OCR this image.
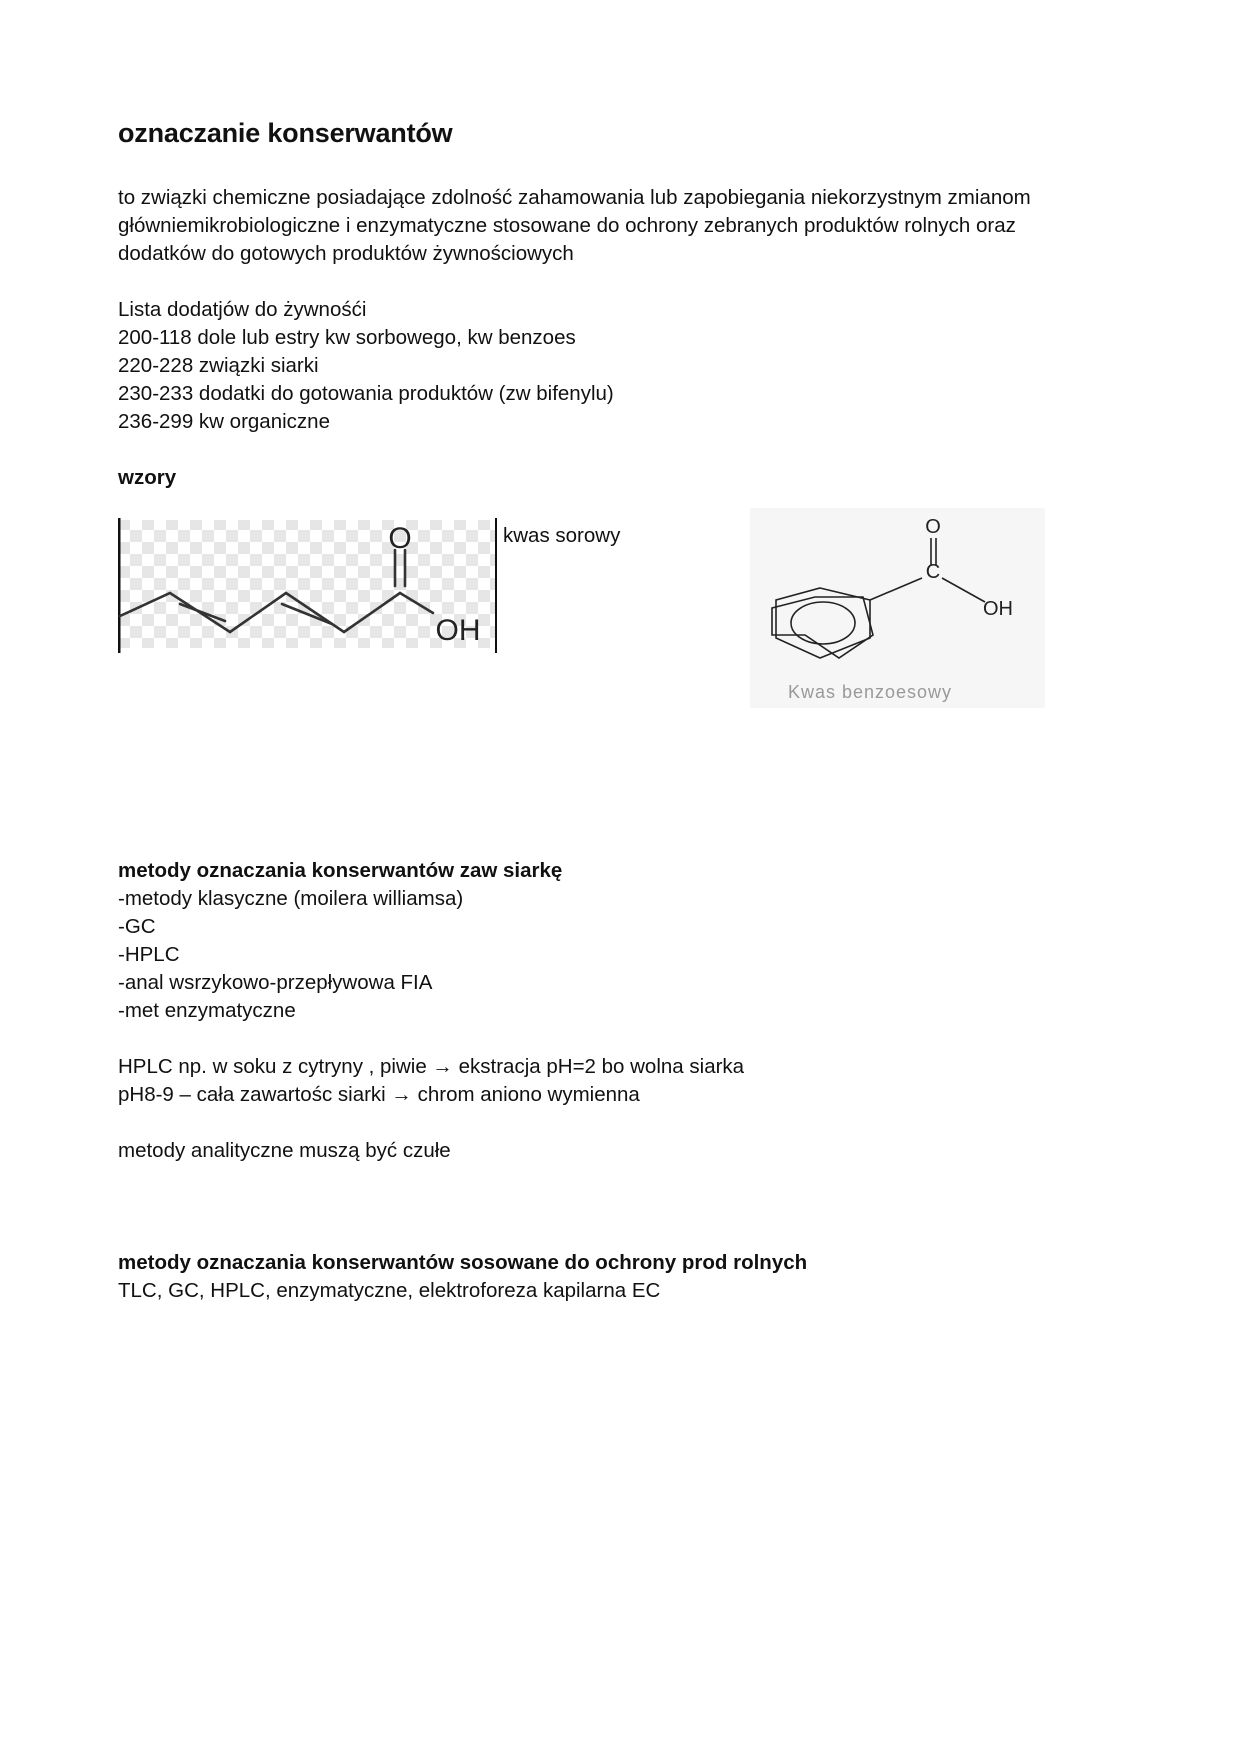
oznaczanie konserwantów
to związki chemiczne posiadające zdolność zahamowania lub zapobiegania niekorzystnym zmianom
główniemikrobiologiczne i enzymatyczne stosowane do ochrony zebranych produktów rolnych oraz
dodatków do gotowych produktów żywnościowych
Lista dodatjów do żywnośći
200-118 dole lub estry kw sorbowego, kw benzoes
220-228 związki siarki
230-233 dodatki do gotowania produktów (zw bifenylu)
236-299 kw organiczne
wzory
O
OH
kwas sorowy	O
C
OH
Kwas benzoesowy
metody oznaczania konserwantów zaw siarkę
-metody klasyczne (moilera williamsa)
-GC
-HPLC
-anal wsrzykowo-przepływowa FIA
-met enzymatyczne
HPLC np. w soku z cytryny , piwie → ekstracja pH=2 bo wolna siarka
pH8-9 – cała zawartośc siarki → chrom aniono wymienna
metody analityczne muszą być czułe
metody oznaczania konserwantów sosowane do ochrony prod rolnych
TLC, GC, HPLC, enzymatyczne, elektroforeza kapilarna EC
